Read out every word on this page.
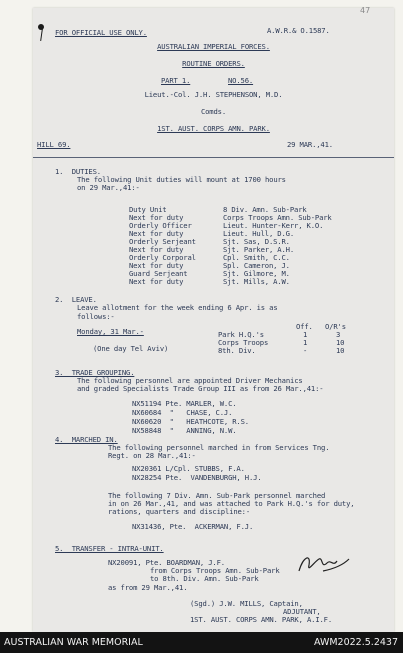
FOR OFFICIAL USE ONLY.	A.W.R.& O.1587.
AUSTRALIAN IMPERIAL FORCES.
ROUTINE ORDERS.
PART 1.	NO.56.
Lieut.-Col. J.H. STEPHENSON, M.D.
Comds.
1ST. AUST. CORPS AMN. PARK.
HILL 69.	29 MAR.,41.
1.  DUTIES.
The following Unit duties will mount at 1700 hours
on 29 Mar.,41:-
Duty Unit	8 Div. Amn. Sub-Park
Next for duty	Corps Troops Amn. Sub-Park
Orderly Officer	Lieut. Hunter-Kerr, K.O.
Next for duty	Lieut. Hull, D.G.
Orderly Serjeant	Sjt. Sas, D.S.R.
Next for duty	Sjt. Parker, A.H.
Orderly Corporal	Cpl. Smith, C.C.
Next for duty	Spl. Cameron, J.
Guard Serjeant	Sjt. Gilmore, M.
Next for duty	Sjt. Mills, A.W.
2.  LEAVE.
Leave allotment for the week ending 6 Apr. is as
follows:-
Monday, 31 Mar.-
(One day Tel Aviv)
Off. O/R's
Park H.Q.'s	1	3
Corps Troops	1	10
8th. Div.	-	10
3.  TRADE GROUPING.
The following personnel are appointed Driver Mechanics
and graded Specialists Trade Group III as from 26 Mar.,41:-
NX51194 Pte. MARLER, W.C.
NX60684  "   CHASE, C.J.
NX60620  "   HEATHCOTE, R.S.
NX58848  "   ANNING, N.W.
4.  MARCHED IN.
The following personnel marched in from Services Tng.
Regt. on 28 Mar.,41:-
NX20361 L/Cpl. STUBBS, F.A.
NX28254 Pte.  VANDENBURGH, H.J.
The following 7 Div. Amn. Sub-Park personnel marched
in on 26 Mar.,41, and was attached to Park H.Q.'s for duty,
rations, quarters and discipline:-
NX31436, Pte.  ACKERMAN, F.J.
5.  TRANSFER - INTRA-UNIT.
NX20091, Pte. BOARDMAN, J.F.
from Corps Troops Amn. Sub-Park
to 8th. Div. Amn. Sub-Park
as from 29 Mar.,41.
(Sgd.) J.W. MILLS, Captain,
ADJUTANT,
1ST. AUST. CORPS AMN. PARK, A.I.F.
47
AUSTRALIAN WAR MEMORIAL	AWM2022.5.2437
